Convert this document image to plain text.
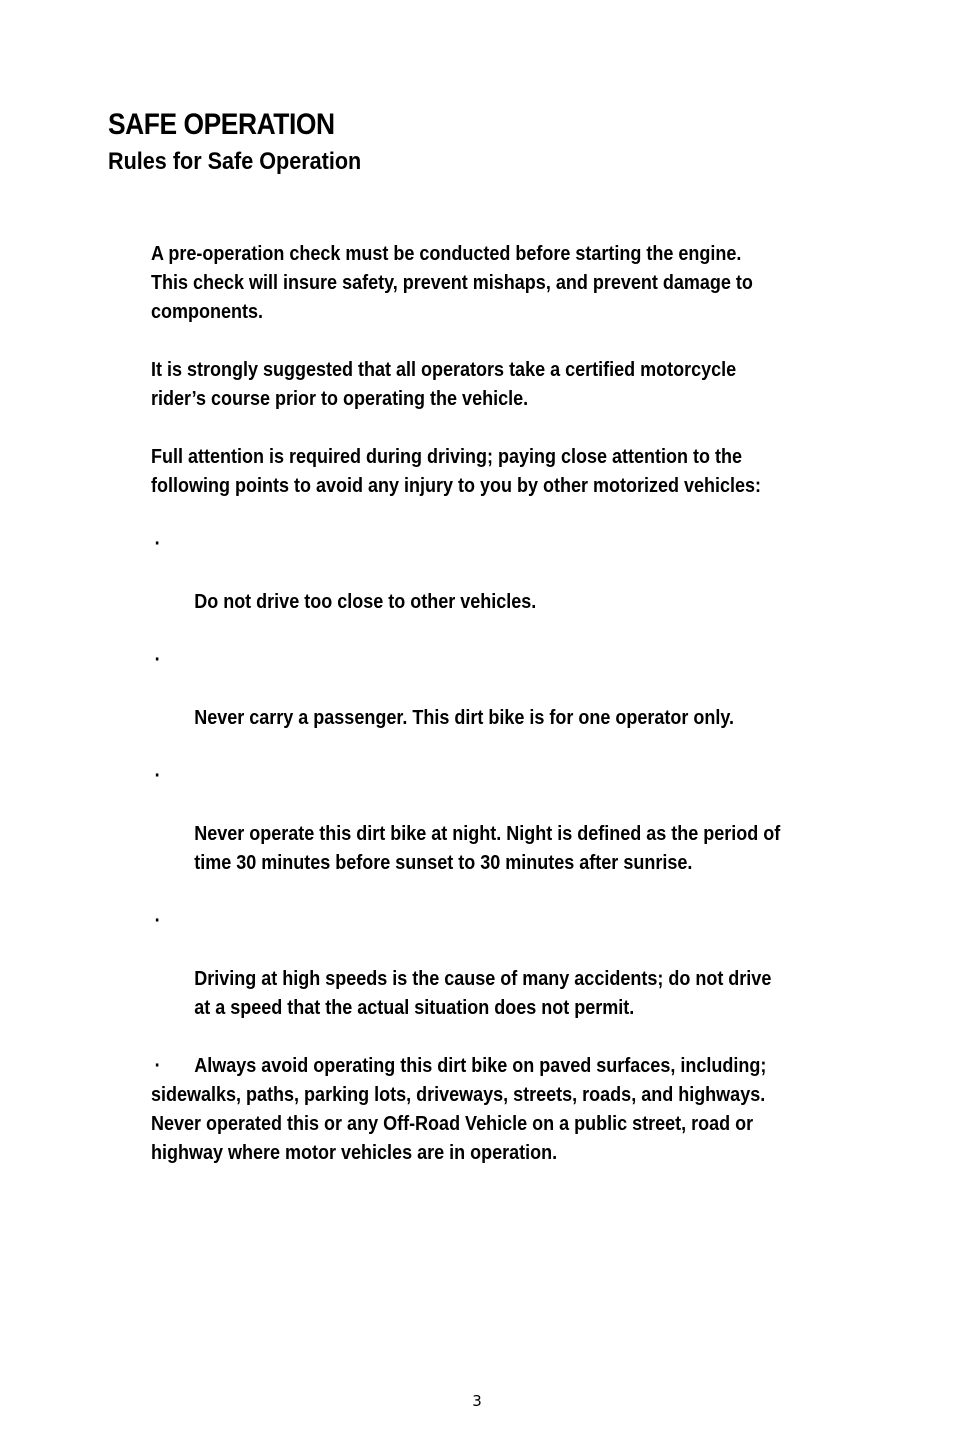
SAFE OPERATION
Rules for Safe Operation

A pre-operation check must be conducted before starting the engine.
This check will insure safety, prevent mishaps, and prevent damage to
components.

It is strongly suggested that all operators take a certified motorcycle
rider’s course prior to operating the vehicle.

Full attention is required during driving; paying close attention to the
following points to avoid any injury to you by other motorized vehicles:

·

Do not drive too close to other vehicles.

·

Never carry a passenger. This dirt bike is for one operator only.

·

Never operate this dirt bike at night. Night is defined as the period of
time 30 minutes before sunset to 30 minutes after sunrise.

·

Driving at high speeds is the cause of many accidents; do not drive
at a speed that the actual situation does not permit.

· Always avoid operating this dirt bike on paved surfaces, including;
sidewalks, paths, parking lots, driveways, streets, roads, and highways.
Never operated this or any Off-Road Vehicle on a public street, road or
highway where motor vehicles are in operation.

3
